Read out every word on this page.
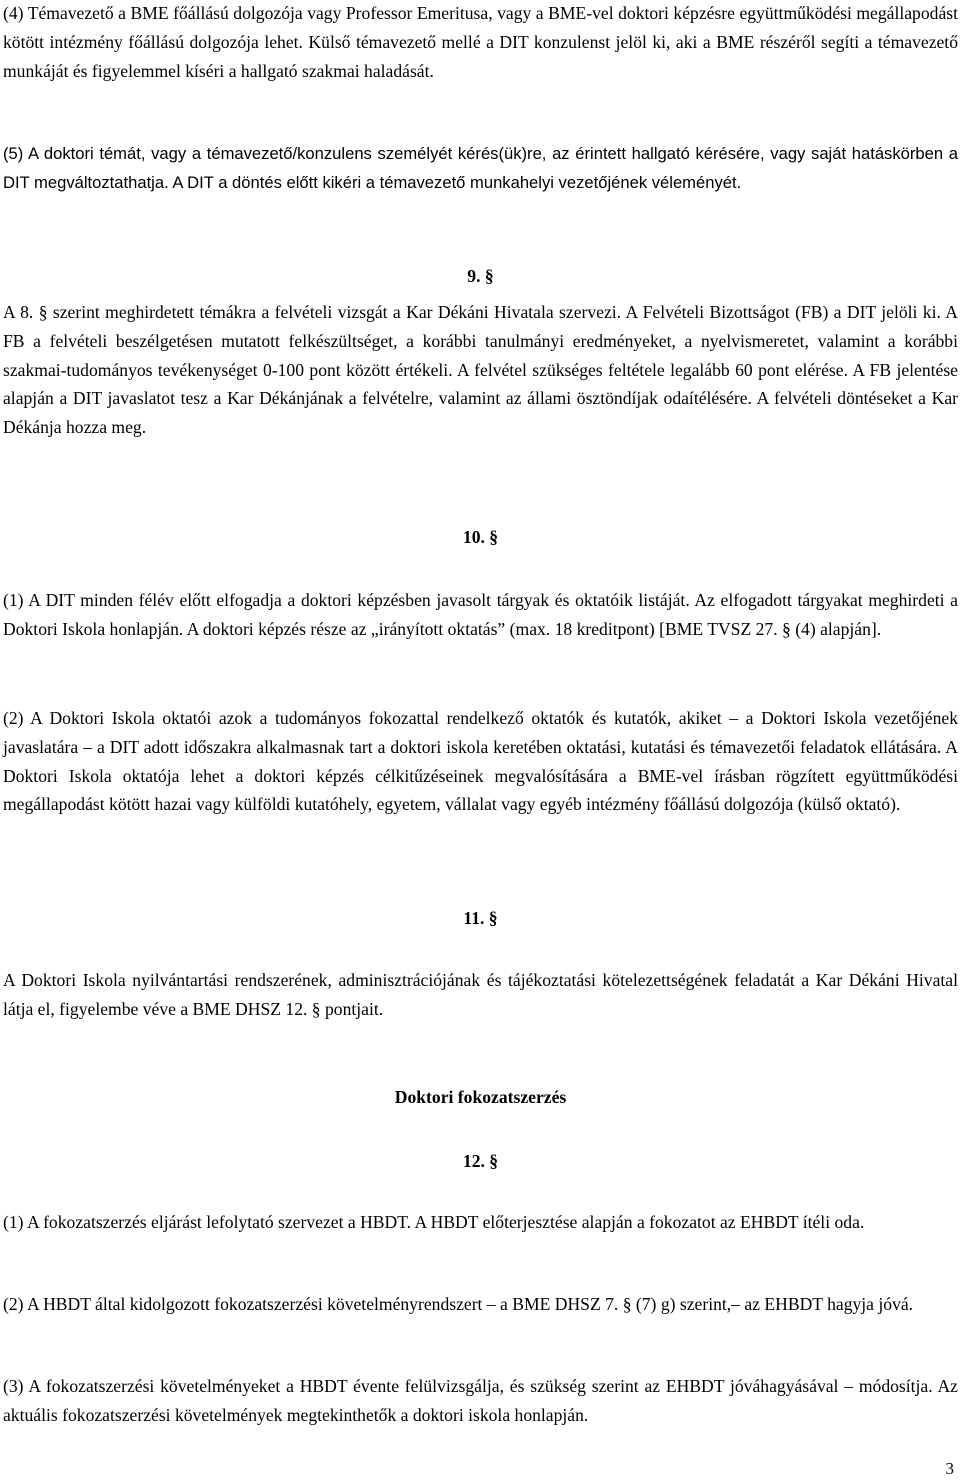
(4) Témavezető a BME főállású dolgozója vagy Professor Emeritusa, vagy a BME-vel doktori képzésre együttműködési megállapodást kötött intézmény főállású dolgozója lehet. Külső témavezető mellé a DIT konzulenst jelöl ki, aki a BME részéről segíti a témavezető munkáját és figyelemmel kíséri a hallgató szakmai haladását.

(5) A doktori témát, vagy a témavezető/konzulens személyét kérés(ük)re, az érintett hallgató kérésére, vagy saját hatáskörben a DIT megváltoztathatja. A DIT a döntés előtt kikéri a témavezető munkahelyi vezetőjének véleményét.

9. §

A 8. § szerint meghirdetett témákra a felvételi vizsgát a Kar Dékáni Hivatala szervezi. A Felvételi Bizottságot (FB) a DIT jelöli ki. A FB a felvételi beszélgetésen mutatott felkészültséget, a korábbi tanulmányi eredményeket, a nyelvismeretet, valamint a korábbi szakmai-tudományos tevékenységet 0-100 pont között értékeli. A felvétel szükséges feltétele legalább 60 pont elérése. A FB jelentése alapján a DIT javaslatot tesz a Kar Dékánjának a felvételre, valamint az állami ösztöndíjak odaítélésére. A felvételi döntéseket a Kar Dékánja hozza meg.

10. §

(1) A DIT minden félév előtt elfogadja a doktori képzésben javasolt tárgyak és oktatóik listáját. Az elfogadott tárgyakat meghirdeti a Doktori Iskola honlapján. A doktori képzés része az „irányított oktatás” (max. 18 kreditpont) [BME TVSZ 27. § (4) alapján].

(2) A Doktori Iskola oktatói azok a tudományos fokozattal rendelkező oktatók és kutatók, akiket – a Doktori Iskola vezetőjének javaslatára – a DIT adott időszakra alkalmasnak tart a doktori iskola keretében oktatási, kutatási és témavezetői feladatok ellátására. A Doktori Iskola oktatója lehet a doktori képzés célkitűzéseinek megvalósítására a BME-vel írásban rögzített együttműködési megállapodást kötött hazai vagy külföldi kutatóhely, egyetem, vállalat vagy egyéb intézmény főállású dolgozója (külső oktató).

11. §

A Doktori Iskola nyilvántartási rendszerének, adminisztrációjának és tájékoztatási kötelezettségének feladatát a Kar Dékáni Hivatal látja el, figyelembe véve a BME DHSZ 12. § pontjait.

Doktori fokozatszerzés

12. §

(1) A fokozatszerzés eljárást lefolytató szervezet a HBDT. A HBDT előterjesztése alapján a fokozatot az EHBDT ítéli oda.

(2) A HBDT által kidolgozott fokozatszerzési követelményrendszert – a BME DHSZ 7. § (7) g) szerint,– az EHBDT hagyja jóvá.

(3) A fokozatszerzési követelményeket a HBDT évente felülvizsgálja, és szükség szerint az EHBDT jóváhagyásával – módosítja. Az aktuális fokozatszerzési követelmények megtekinthetők a doktori iskola honlapján.

3
